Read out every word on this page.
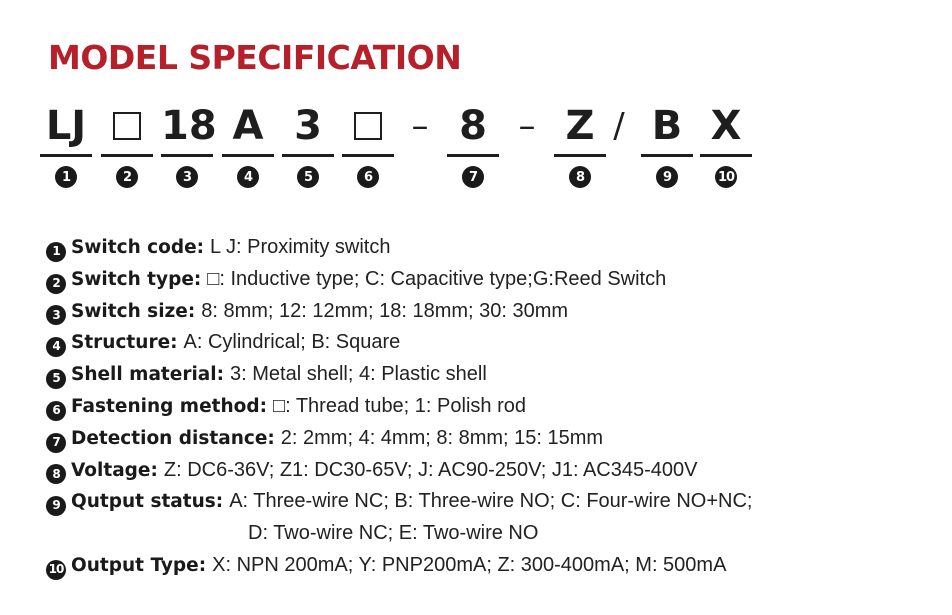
MODEL SPECIFICATION
LJ 18 A 3	– 8 – Z / B X
1	2	3	4	5	6	7	8	9	10
1 Switch code: L J: Proximity switch
2 Switch type: □: Inductive type; C: Capacitive type;G:Reed Switch
3 Switch size: 8: 8mm; 12: 12mm; 18: 18mm; 30: 30mm
4 Structure: A: Cylindrical; B: Square
5 Shell material: 3: Metal shell; 4: Plastic shell
6 Fastening method: □: Thread tube; 1: Polish rod
7 Detection distance: 2: 2mm; 4: 4mm; 8: 8mm; 15: 15mm
8 Voltage: Z: DC6-36V; Z1: DC30-65V; J: AC90-250V; J1: AC345-400V
9 Qutput status: A: Three-wire NC; B: Three-wire NO; C: Four-wire NO+NC;
D: Two-wire NC; E: Two-wire NO
10 Output Type: X: NPN 200mA; Y: PNP200mA; Z: 300-400mA; M: 500mA
